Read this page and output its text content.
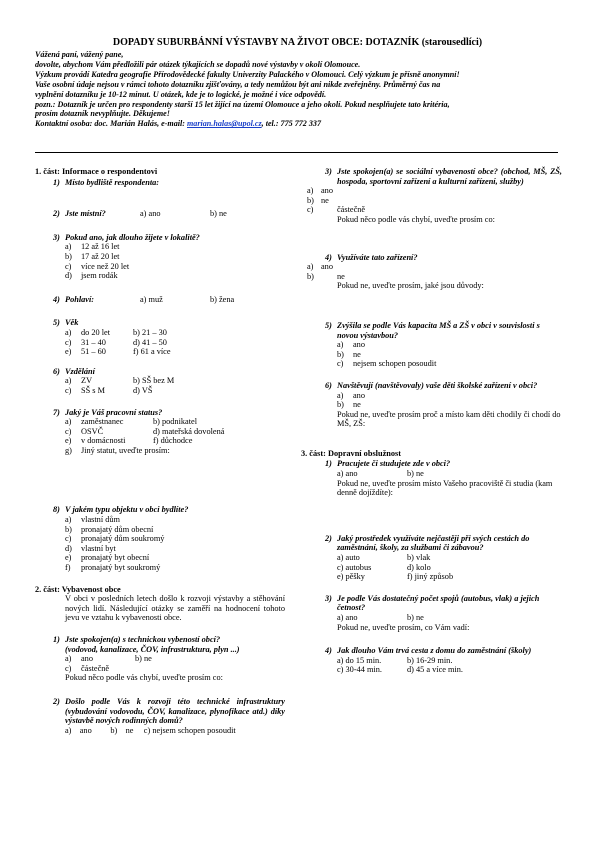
DOPADY SUBURBÁNNÍ VÝSTAVBY NA ŽIVOT OBCE: DOTAZNÍK (starousedlíci)
Vážená paní, vážený pane,
dovolte, abychom Vám předložili pár otázek týkajících se dopadů nové výstavby v okolí Olomouce.
Výzkum provádí Katedra geografie Přírodovědecké fakulty Univerzity Palackého v Olomouci. Celý výzkum je přísně anonymní!
Vaše osobní údaje nejsou v rámci tohoto dotazníku zjišťovány, a tedy nemůžou být ani nikde zveřejněny. Průměrný čas na
vyplnění dotazníku je 10-12 minut. U otázek, kde je to logické, je možné i více odpovědí.
pozn.: Dotazník je určen pro respondenty starší 15 let žijící na území Olomouce a jeho okolí. Pokud nesplňujete tato kritéria,
prosím dotazník nevyplňujte. Děkujeme!
Kontaktní osoba: doc. Marián Halás, e-mail: marian.halas@upol.cz, tel.: 775 772 337
1. část: Informace o respondentovi
1) Místo bydliště respondenta:
2) Jste místní?	a) ano	b) ne
3) Pokud ano, jak dlouho žijete v lokalitě?
a)	12 až 16 let
b)	17 až 20 let
c)	více než 20 let
d)	jsem rodák
4) Pohlaví:	a) muž	b) žena
5) Věk
a)	do 20 let	b) 21 – 30
c)	31 – 40	d) 41 – 50
e)	51 – 60	f) 61 a více
6) Vzdělání
a)	ZV	b) SŠ bez M
c)	SŠ s M	d) VŠ
7) Jaký je Váš pracovní status?
a)	zaměstnanec	b) podnikatel
c)	OSVČ	d) mateřská dovolená
e)	v domácnosti	f) důchodce
g)	Jiný statut, uveďte prosím:
8) V jakém typu objektu v obci bydlíte?
a)	vlastní dům
b)	pronajatý dům obecní
c)	pronajatý dům soukromý
d)	vlastní byt
e)	pronajatý byt obecní
f)	pronajatý byt soukromý
2. část: Vybavenost obce
V obci v posledních letech došlo k rozvoji výstavby a stěhování nových lidí. Následující otázky se zaměří na hodnocení tohoto jevu ve vztahu k vybavenosti obce.
1) Jste spokojen(a) s technickou vybeností obcí?
(vodovod, kanalizace, ČOV, infrastruktura, plyn ...)
a)	ano	b) ne
c)	částečně
Pokud něco podle vás chybí, uveďte prosím co:
2) Došlo podle Vás k rozvoji této technické infrastruktury (vybudování vodovodu, ČOV, kanalizace, plynofikace atd.) díky výstavbě nových rodinných domů?
a)    ano         b)    ne     c) nejsem schopen posoudit
3) Jste spokojen(a) se sociální vybaveností obce? (obchod, MŠ, ZŠ, hospoda, sportovní zařízení a kulturní zařízení, služby)
a) ano
b) ne
c)	částečně
Pokud něco podle vás chybí, uveďte prosím co:
4) Využíváte tato zařízení?
a) ano
b)	ne
Pokud ne, uveďte prosím, jaké jsou důvody:
5) Zvýšila se podle Vás kapacita MŠ a ZŠ v obci v souvislosti s novou výstavbou?
a)	ano
b)	ne
c)	nejsem schopen posoudit
6) Navštěvují (navštěvovaly) vaše děti školské zařízení v obci?
a)	ano
b)	ne
Pokud ne, uveďte prosím proč a místo kam děti chodily či chodí do MŠ, ZŠ:
3. část: Dopravní obslužnost
1) Pracujete či studujete zde v obci?
a) ano	b) ne
Pokud ne, uveďte prosím místo Vašeho pracoviště či studia (kam denně dojíždíte):
2) Jaký prostředek využíváte nejčastěji při svých cestách do zaměstnání, školy, za službami či zábavou?
a) auto	b) vlak
c) autobus	d) kolo
e) pěšky	f) jiný způsob
3) Je podle Vás dostatečný počet spojů (autobus, vlak) a jejich četnost?
a) ano	b) ne
Pokud ne, uveďte prosím, co Vám vadí:
4) Jak dlouho Vám trvá cesta z domu do zaměstnání (školy)
a) do 15 min.	b) 16-29 min.
c) 30-44 min.	d) 45 a více min.
